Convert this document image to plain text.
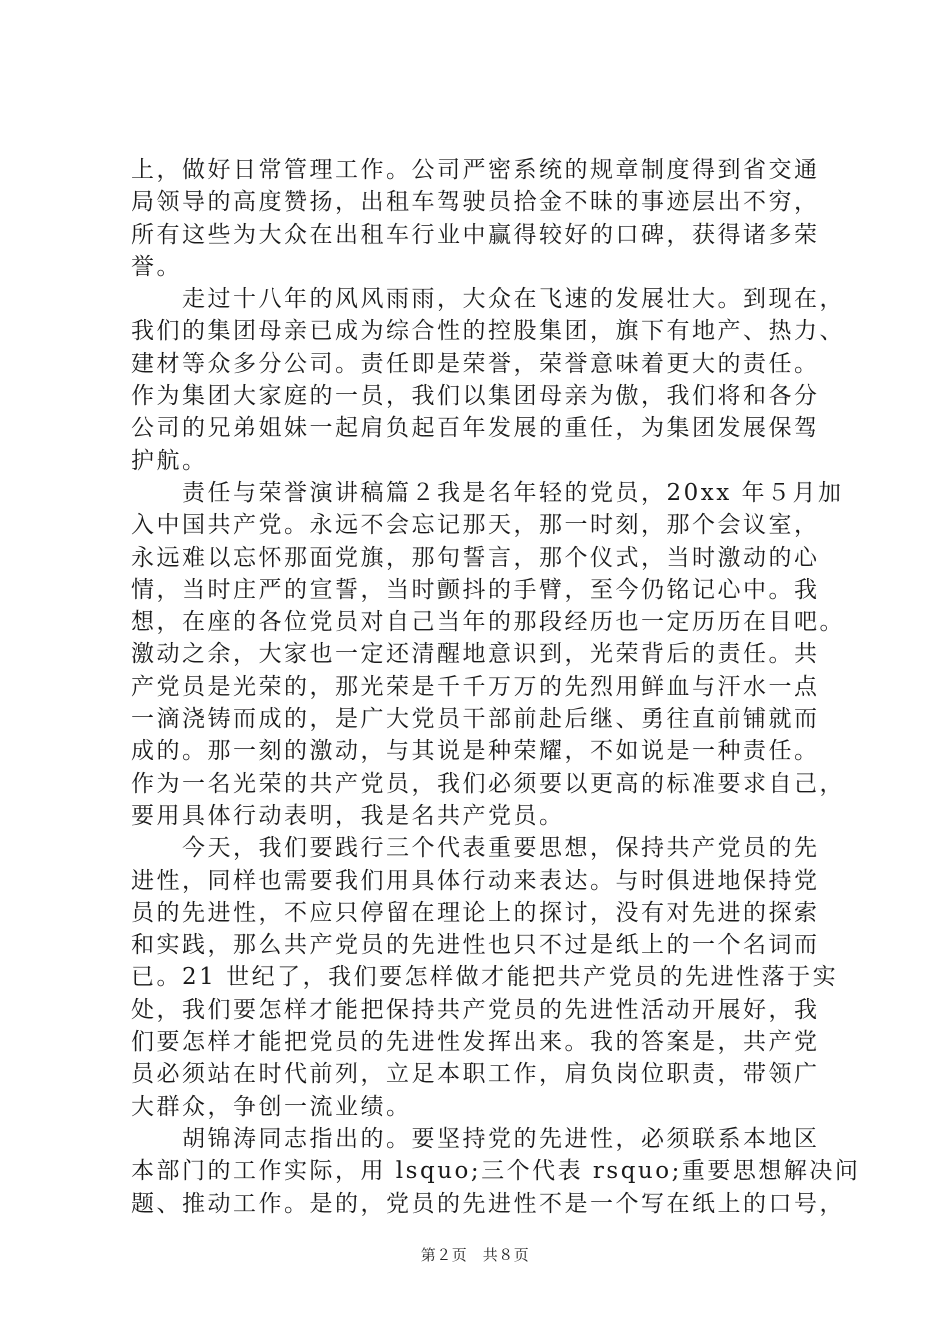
上，做好日常管理工作。公司严密系统的规章制度得到省交通
局领导的高度赞扬，出租车驾驶员拾金不昧的事迹层出不穷，
所有这些为大众在出租车行业中赢得较好的口碑，获得诸多荣
誉。
　　走过十八年的风风雨雨，大众在飞速的发展壮大。到现在，
我们的集团母亲已成为综合性的控股集团，旗下有地产、热力、
建材等众多分公司。责任即是荣誉，荣誉意味着更大的责任。
作为集团大家庭的一员，我们以集团母亲为傲，我们将和各分
公司的兄弟姐妹一起肩负起百年发展的重任，为集团发展保驾
护航。
　　责任与荣誉演讲稿篇２我是名年轻的党员，20xx 年５月加
入中国共产党。永远不会忘记那天，那一时刻，那个会议室，
永远难以忘怀那面党旗，那句誓言，那个仪式，当时激动的心
情，当时庄严的宣誓，当时颤抖的手臂，至今仍铭记心中。我
想，在座的各位党员对自己当年的那段经历也一定历历在目吧。
激动之余，大家也一定还清醒地意识到，光荣背后的责任。共
产党员是光荣的，那光荣是千千万万的先烈用鲜血与汗水一点
一滴浇铸而成的，是广大党员干部前赴后继、勇往直前铺就而
成的。那一刻的激动，与其说是种荣耀，不如说是一种责任。
作为一名光荣的共产党员，我们必须要以更高的标准要求自己，
要用具体行动表明，我是名共产党员。
　　今天，我们要践行三个代表重要思想，保持共产党员的先
进性，同样也需要我们用具体行动来表达。与时俱进地保持党
员的先进性，不应只停留在理论上的探讨，没有对先进的探索
和实践，那么共产党员的先进性也只不过是纸上的一个名词而
已。21 世纪了，我们要怎样做才能把共产党员的先进性落于实
处，我们要怎样才能把保持共产党员的先进性活动开展好，我
们要怎样才能把党员的先进性发挥出来。我的答案是，共产党
员必须站在时代前列，立足本职工作，肩负岗位职责，带领广
大群众，争创一流业绩。
　　胡锦涛同志指出的。要坚持党的先进性，必须联系本地区
本部门的工作实际，用 lsquo;三个代表 rsquo;重要思想解决问
题、推动工作。是的，党员的先进性不是一个写在纸上的口号，
第２页　共８页
